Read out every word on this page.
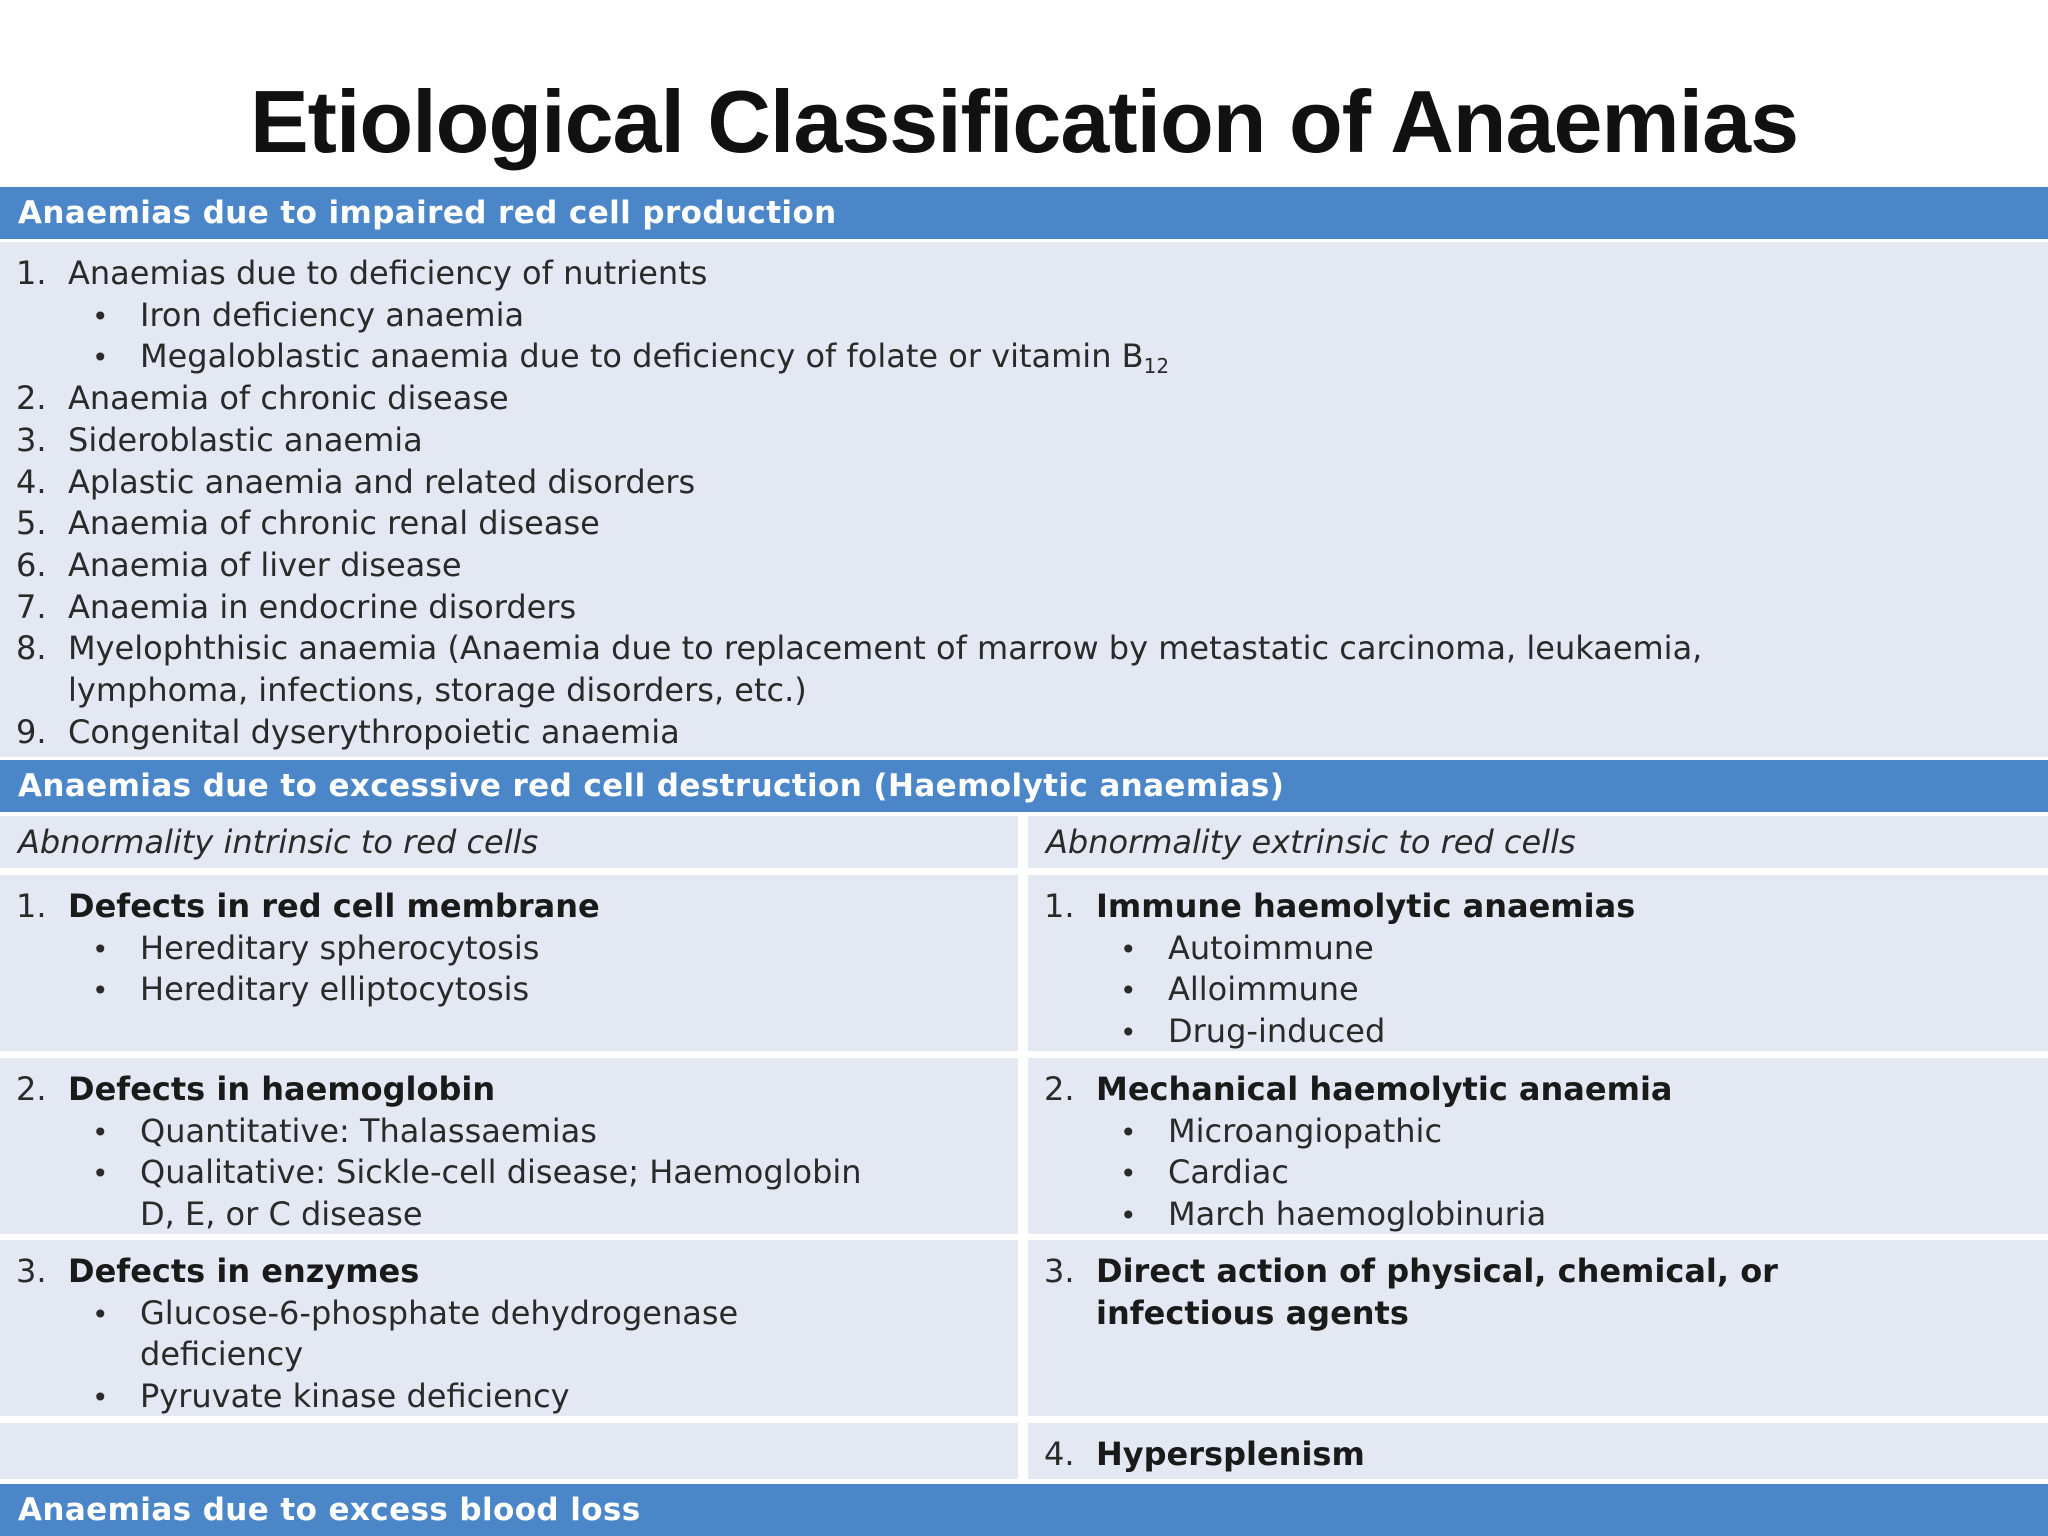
Etiological Classification of Anaemias
Anaemias due to impaired red cell production
1. Anaemias due to deficiency of nutrients
• Iron deficiency anaemia
• Megaloblastic anaemia due to deficiency of folate or vitamin $B_{12}$
2. Anaemia of chronic disease
3. Sideroblastic anaemia
4. Aplastic anaemia and related disorders
5. Anaemia of chronic renal disease
6. Anaemia of liver disease
7. Anaemia in endocrine disorders
8. Myelophthisic anaemia (Anaemia due to replacement of marrow by metastatic carcinoma, leukaemia,
lymphoma, infections, storage disorders, etc.)
9. Congenital dyserythropoietic anaemia
Anaemias due to excessive red cell destruction (Haemolytic anaemias)
Abnormality intrinsic to red cells	Abnormality extrinsic to red cells
Anaemias due to excess blood loss
1. Defects in red cell membrane
• Hereditary spherocytosis
• Hereditary elliptocytosis
2. Defects in haemoglobin
• Quantitative: Thalassaemias
• Qualitative: Sickle-cell disease; Haemoglobin
D, E, or C disease
3. Defects in enzymes
• Glucose-6-phosphate dehydrogenase
deficiency
• Pyruvate kinase deficiency
1. Immune haemolytic anaemias
• Autoimmune
• Alloimmune
• Drug-induced
2. Mechanical haemolytic anaemia
• Microangiopathic
• Cardiac
• March haemoglobinuria
3. Direct action of physical, chemical, or
infectious agents
4. Hypersplenism
